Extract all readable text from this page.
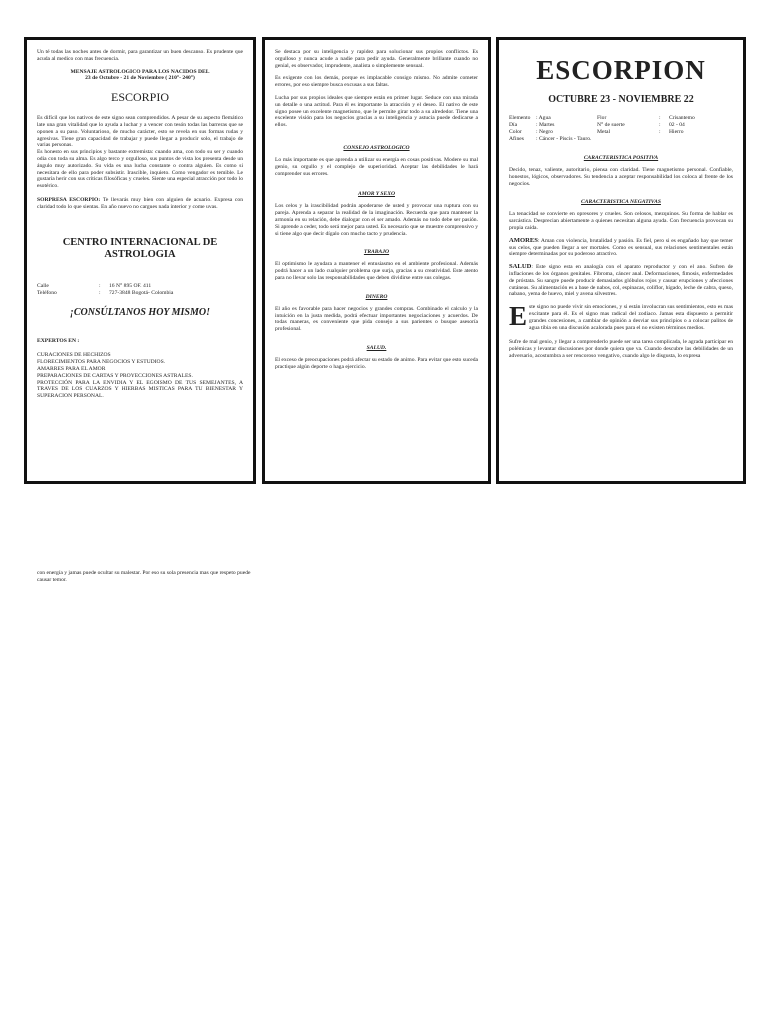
Un té todas las noches antes de dormir, para garantizar un buen descanso. Es prudente que acuda al medico con mas frecuencia.

MENSAJE ASTROLOGICO PARA LOS NACIDOS DEL

23 de Octubre - 21 de Noviembre ( 210°- 240°)

ESCORPIO

Es difícil que los nativos de este signo sean comprendidos. A pesar de su aspecto flemático late una gran vitalidad que lo ayuda a luchar y a vencer con tesón todas las barreras que se oponen a su paso. Voluntarioso, de mucho carácter, esto se revela en sus formas rudas y agresivas. Tiene gran capacidad de trabajar y puede llegar a producir solo, el trabajo de varias personas.

Es honesto en sus principios y bastante extremista: cuando ama, con todo su ser y cuando odia con toda su alma. Es algo terco y orgulloso, sus puntos de vista los presenta desde un ángulo muy autorizado. Su vida es una lucha constante o contra alguien. Es como si necesitara de ello para poder subsistir. Irascible, inquieto. Como vengador es temible. Le gustaría herir con sus críticas filosóficas y crueles. Siente una especial atracción por todo lo esotérico.

SORPRESA ESCORPIO: Te llevarás muy bien con alguien de acuario. Expresa con claridad todo lo que sientas. En año nuevo no cargues nada interior y come uvas.

CENTRO INTERNACIONAL DE
ASTROLOGIA
Calle	: 16 N° 895 OF. 411
Teléfono	: 727-3848 Bogotá- Colombia
¡CONSÚLTANOS HOY MISMO!

EXPERTOS EN :

CURACIONES DE HECHIZOS

FLORECIMIENTOS PARA NEGOCIOS Y ESTUDIOS.

AMARRES PARA EL AMOR

PREPARACIONES DE CARTAS Y PROYECCIONES ASTRALES.

PROTECCIÓN PARA LA ENVIDIA Y EL EGOISMO DE TUS SEMEJANTES, A TRAVES DE LOS CUARZOS Y HIERBAS MISTICAS PARA TU BIENESTAR Y SUPERACION PERSONAL.

Se destaca por su inteligencia y rapidez para solucionar sus propios conflictos. Es orgulloso y nunca acude a nadie para pedir ayuda. Generalmente brillante cuando no genial, es observador, imprudente, analista o simplemente sensual.

Es exigente con los demás, porque es implacable consigo mismo. No admite cometer errores, por eso siempre busca excusas a sus faltas.

Lucha por sus propios ideales que siempre están en primer lugar. Seduce con una mirada un detalle o una actitud. Para él es importante la atracción y el deseo. El nativo de este signo posee un excelente magnetismo, que le permite girar todo a su alrededor. Tiene una excelente visión para los negocios gracias a su inteligencia y astucia puede dedicarse a ellos.

CONSEJO ASTROLOGICO

Lo más importante es que aprenda a utilizar su energía en cosas positivas. Modere su mal genio, su orgullo y el complejo de superioridad. Aceptar las debilidades le hará comprender sus errores.

AMOR Y SEXO

Los celos y la irascibilidad podrán apoderarse de usted y provocar una ruptura con su pareja. Aprenda a separar la realidad de la imaginación. Recuerda que para mantener la armonía en su relación, debe dialogar con el ser amado. Además no todo debe ser pasión. Si aprende a ceder, todo será mejor para usted. Es necesario que se muestre comprensivo y si tiene algo que decir dígalo con mucho tacto y prudencia.

TRABAJO

El optimismo le ayudara a mantener el entusiasmo en el ambiente profesional. Además podrá hacer a un lado cualquier problema que surja, gracias a su creatividad. Este atento para no llevar solo las responsabilidades que deben dividirse entre sus colegas.

DINERO

El año es favorable para hacer negocios y grandes compras. Combinado el calculo y la intuición en la justa medida, podrá efectuar importantes negociaciones y acuerdos. De todas maneras, es conveniente que pida consejo a sus parientes o busque asesoría profesional.

SALUD.

El exceso de preocupaciones podrá afectar su estado de animo. Para evitar que esto suceda practique algún deporte o haga ejercicio.

ESCORPION
OCTUBRE 23 - NOVIEMBRE 22
Elemento : Agua	Flor	: Crisantemo
Día	: Martes	N° de suerte	: 02 - 04
Color	: Negro	Metal	: Hierro
Afines : Cáncer - Piscis - Tauro.
CARACTERISTICA POSITIVA

Decido, tenaz, valiente, autoritario, piensa con claridad. Tiene magnetismo personal. Confiable, honestos, lógicos, observadores. Su tendencia a aceptar responsabilidad los coloca al frente de los negocios.

CARACTERISTICA NEGATIVAS

La tenacidad se convierte en opresores y crueles. Son celosos, mezquinos. Su forma de hablar es sarcástica. Desprecian abiertamente a quienes necesitan alguna ayuda. Con frecuencia provocan su propia caída.

AMORES: Aman con violencia, brutalidad y pasión. Es fiel, pero si es engañado hay que temer sus celos, que pueden llegar a ser mortales. Como es sensual, sus relaciones sentimentales están siempre determinadas por su poderoso atractivo.

SALUD: Este signo esta en analogía con el aparato reproductor y con el ano. Sufren de inflaciones de los órganos genitales. Fibroma, cáncer anal. Deformaciones, fimosis, enfermedades de próstata. Su sangre puede producir demasiados glóbulos rojos y causar erupciones y afecciones cutáneas. Su alimentación es a base de nabos, col, espinacas, coliflor, hígado, leche de cabra, queso, nabano, yema de huevo, miel y avena silvestres.

Este signo no puede vivir sin emociones, y si están involucran sus sentimientos, esto es mas excitante para él. Es el signo mas radical del zodiaco. Jamas esta dispuesto a permitir grandes concesiones, a cambiar de opinión a desviar sus principios o a colocar palitos de agua tibia en una discusión acalorada pues para el no existen términos medios.

Sufre de mal genio, y llegar a comprenderlo puede ser una tarea complicada, le agrada participar en polémicas y levantar discusiones por donde quiera que va. Cuando descubre las debilidades de un adversario, acostumbra a ser rencoroso vengativo, cuando algo le disgusta, lo expresa

con energía y jamas puede ocultar su malestar. Por eso su sola presencia mas que respeto puede causar temor.
